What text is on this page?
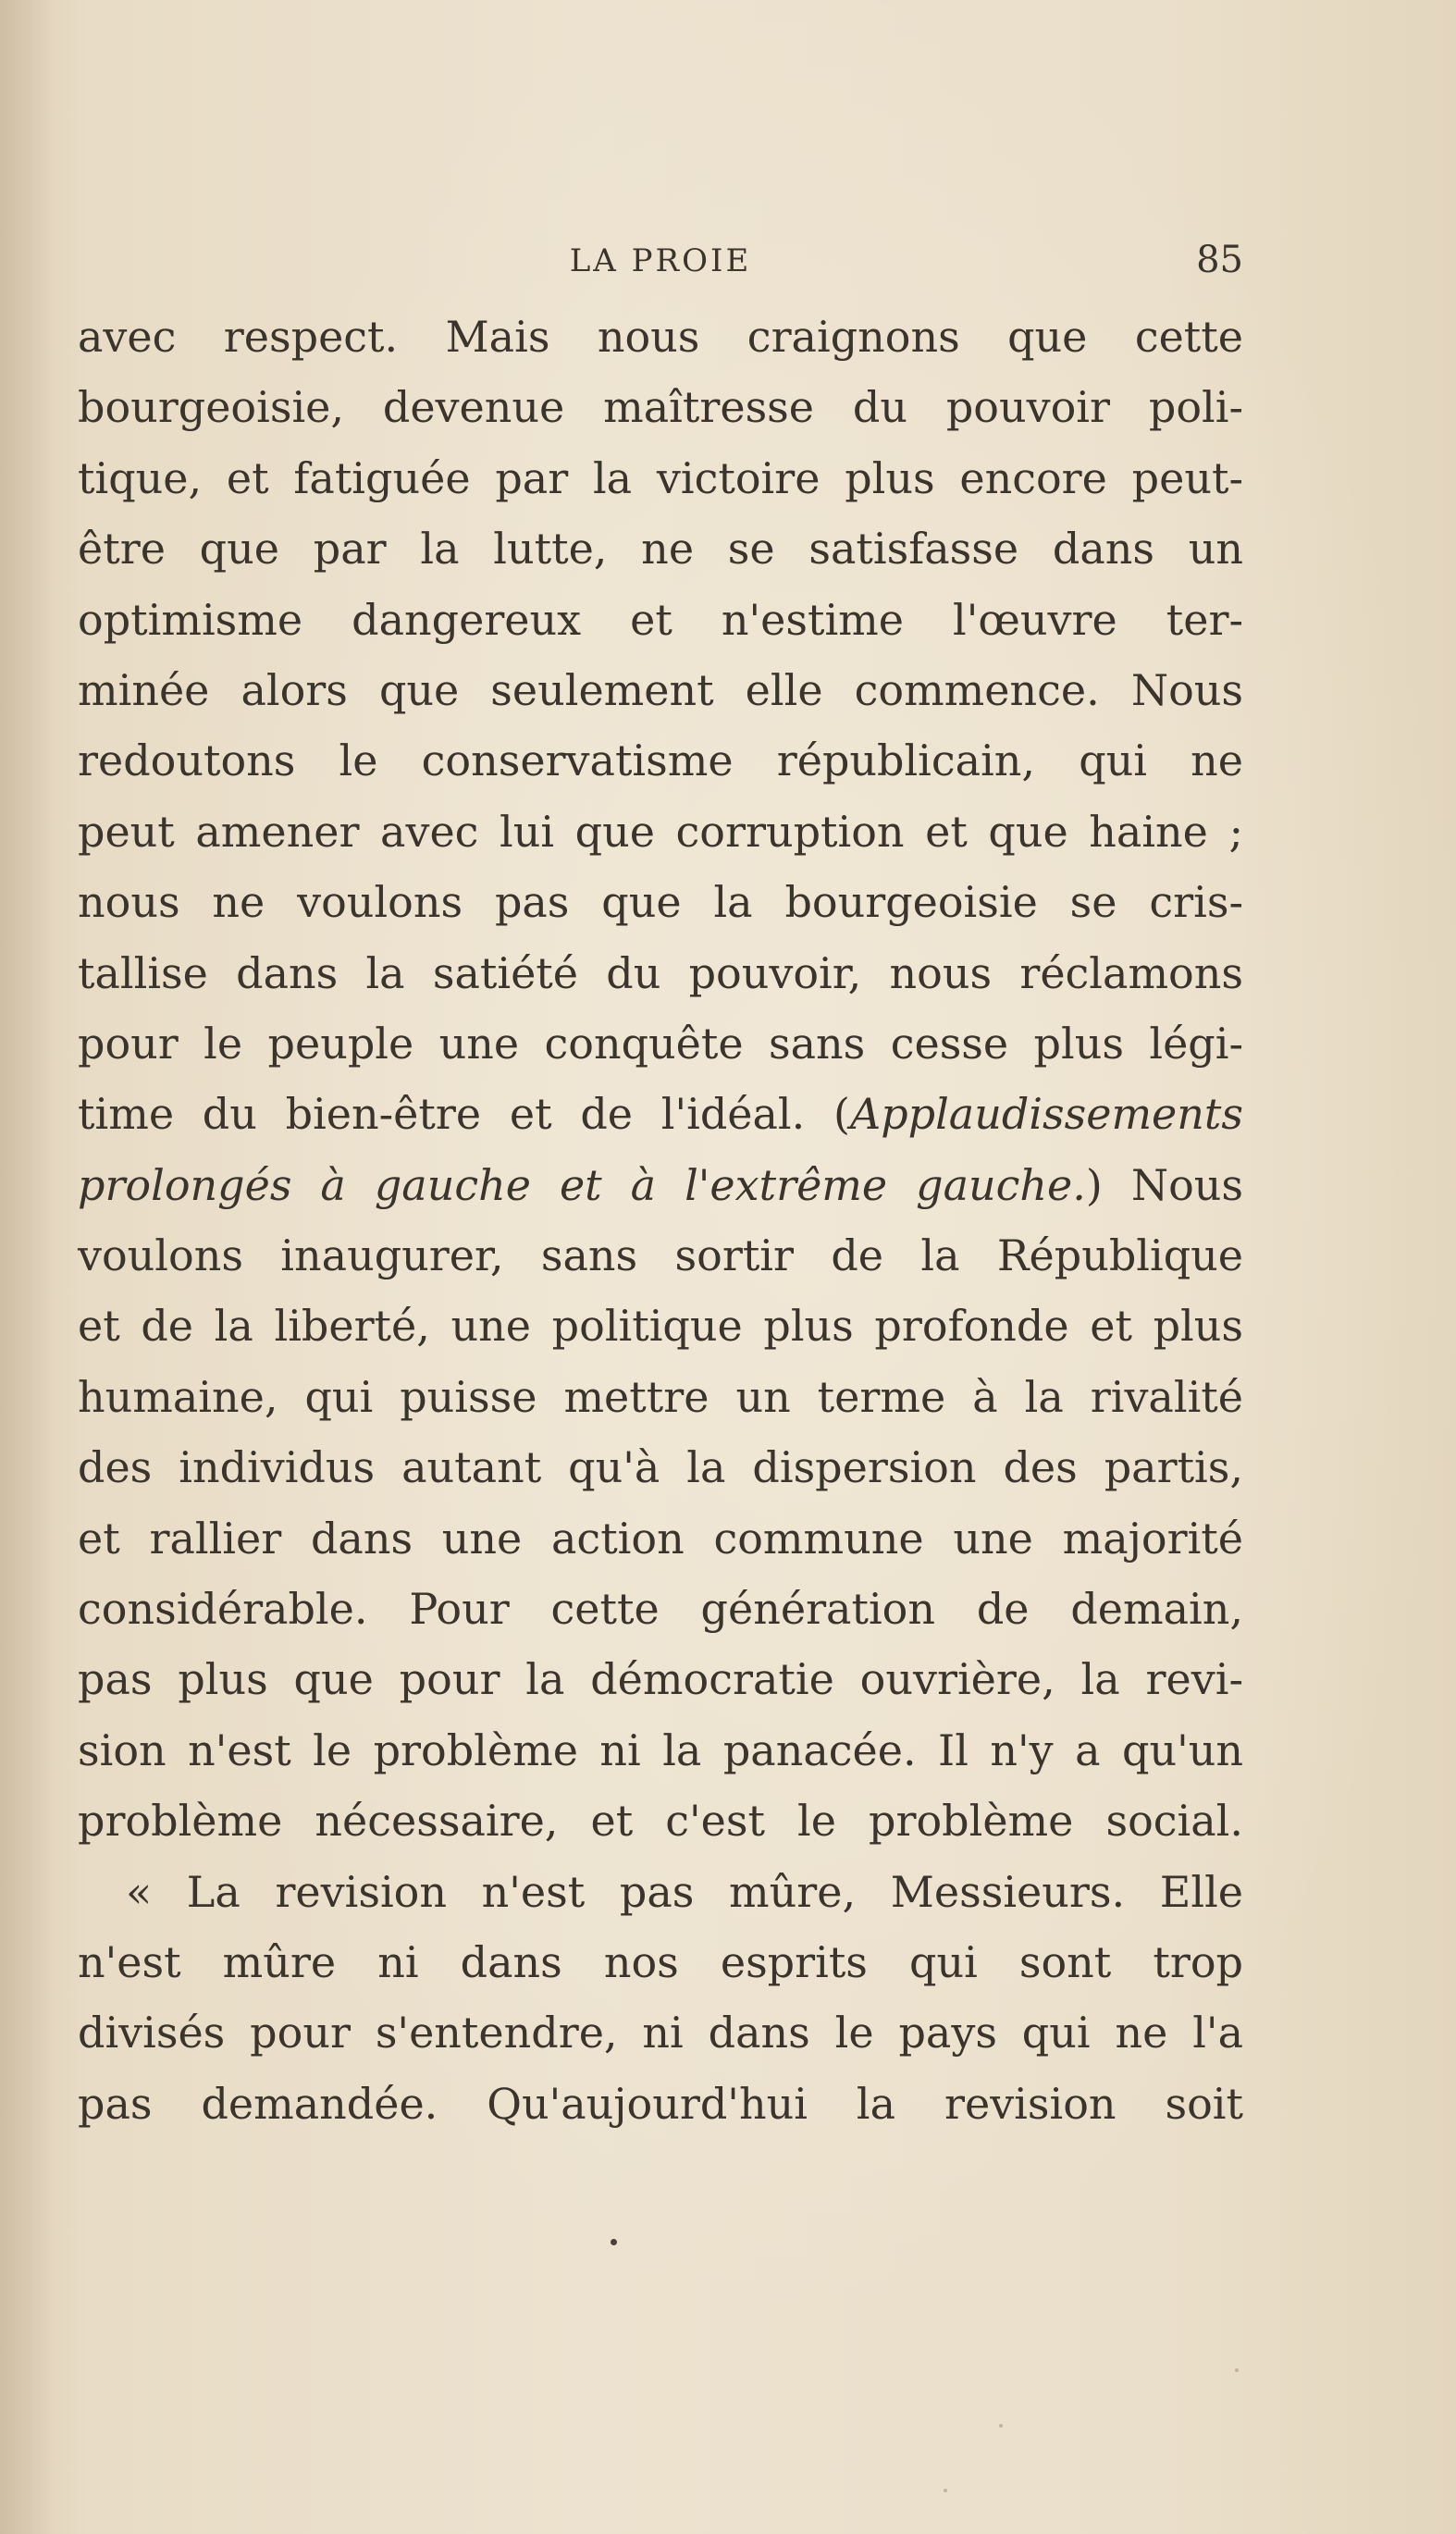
LA PROIE	85
avec respect. Mais nous craignons que cette
bourgeoisie, devenue maîtresse du pouvoir poli-
tique, et fatiguée par la victoire plus encore peut-
être que par la lutte, ne se satisfasse dans un
optimisme dangereux et n'estime l'œuvre ter-
minée alors que seulement elle commence. Nous
redoutons le conservatisme républicain, qui ne
peut amener avec lui que corruption et que haine ;
nous ne voulons pas que la bourgeoisie se cris-
tallise dans la satiété du pouvoir, nous réclamons
pour le peuple une conquête sans cesse plus légi-
time du bien-être et de l'idéal. (Applaudissements
prolongés à gauche et à l'extrême gauche.) Nous
voulons inaugurer, sans sortir de la République
et de la liberté, une politique plus profonde et plus
humaine, qui puisse mettre un terme à la rivalité
des individus autant qu'à la dispersion des partis,
et rallier dans une action commune une majorité
considérable. Pour cette génération de demain,
pas plus que pour la démocratie ouvrière, la revi-
sion n'est le problème ni la panacée. Il n'y a qu'un
problème nécessaire, et c'est le problème social.
« La revision n'est pas mûre, Messieurs. Elle
n'est mûre ni dans nos esprits qui sont trop
divisés pour s'entendre, ni dans le pays qui ne l'a
pas demandée. Qu'aujourd'hui la revision soit
